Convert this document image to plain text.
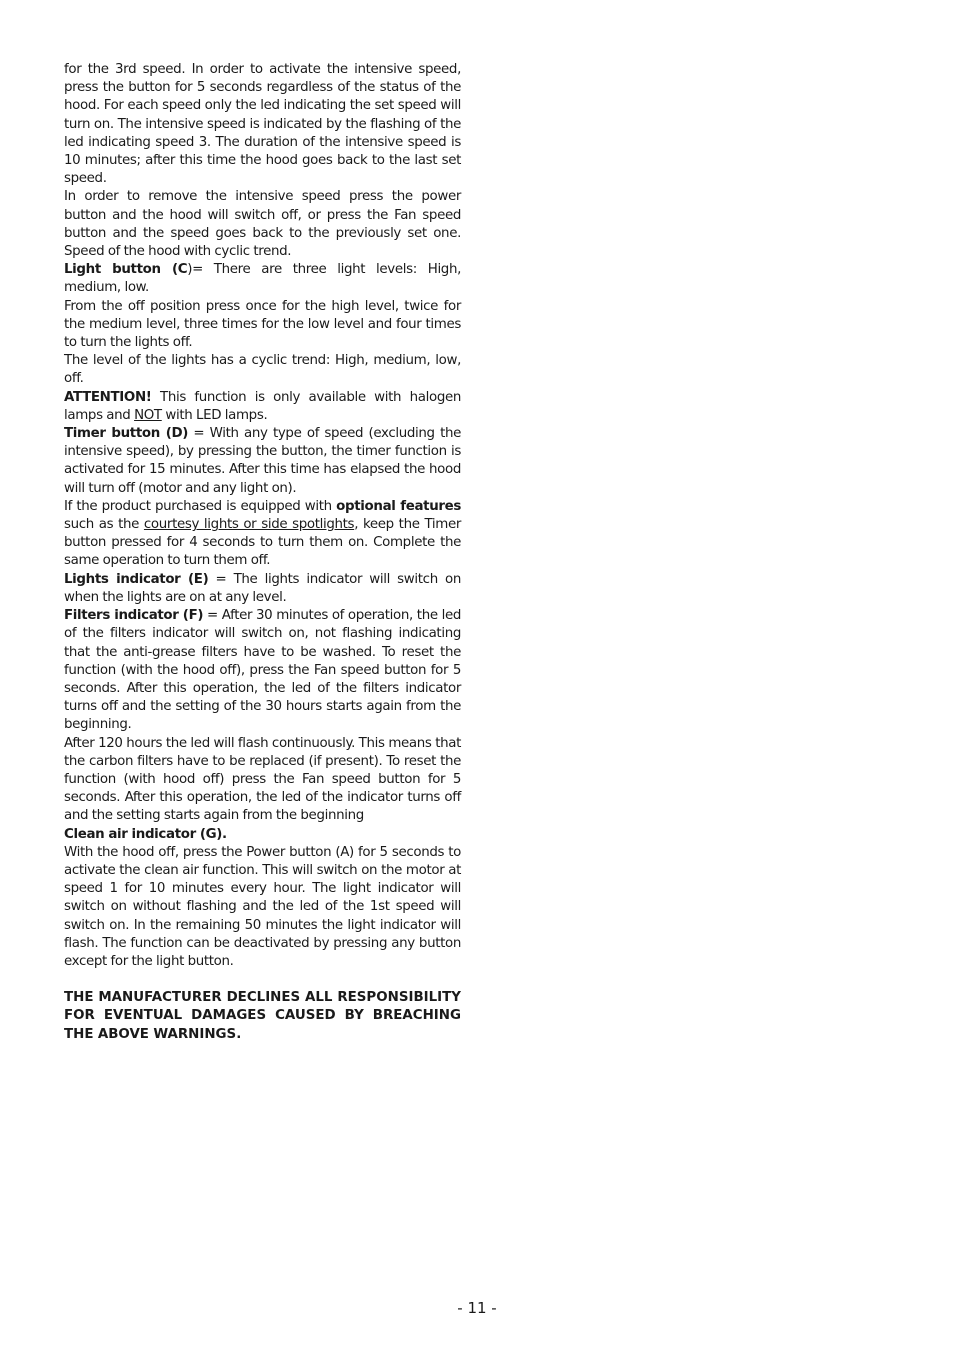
for the 3rd speed. In order to activate the intensive speed, press the button for 5 seconds regardless of the status of the hood. For each speed only the led indicating the set speed will turn on. The intensive speed is indicated by the flashing of the led indicating speed 3. The duration of the intensive speed is 10 minutes; after this time the hood goes back to the last set speed.

In order to remove the intensive speed press the power button and the hood will switch off, or press the Fan speed button and the speed goes back to the previously set one. Speed of the hood with cyclic trend.

Light button (C)= There are three light levels: High, medium, low.

From the off position press once for the high level, twice for the medium level, three times for the low level and four times to turn the lights off.

The level of the lights has a cyclic trend: High, medium, low, off.

ATTENTION! This function is only available with halogen lamps and NOT with LED lamps.

Timer button (D) = With any type of speed (excluding the intensive speed), by pressing the button, the timer function is activated for 15 minutes. After this time has elapsed the hood will turn off (motor and any light on).

If the product purchased is equipped with optional features such as the courtesy lights or side spotlights, keep the Timer button pressed for 4 seconds to turn them on. Complete the same operation to turn them off.

Lights indicator (E) = The lights indicator will switch on when the lights are on at any level.

Filters indicator (F) = After 30 minutes of operation, the led of the filters indicator will switch on, not flashing indicating that the anti-grease filters have to be washed. To reset the function (with the hood off), press the Fan speed button for 5 seconds. After this operation, the led of the filters indicator turns off and the setting of the 30 hours starts again from the beginning.

After 120 hours the led will flash continuously. This means that the carbon filters have to be replaced (if present). To reset the function (with hood off) press the Fan speed button for 5 seconds. After this operation, the led of the indicator turns off and the setting starts again from the beginning

Clean air indicator (G).

With the hood off, press the Power button (A) for 5 seconds to activate the clean air function. This will switch on the motor at speed 1 for 10 minutes every hour. The light indicator will switch on without flashing and the led of the 1st speed will switch on. In the remaining 50 minutes the light indicator will flash. The function can be deactivated by pressing any button except for the light button.

THE MANUFACTURER DECLINES ALL RESPONSIBILITY FOR EVENTUAL DAMAGES CAUSED BY BREACHING THE ABOVE WARNINGS.

- 11 -
